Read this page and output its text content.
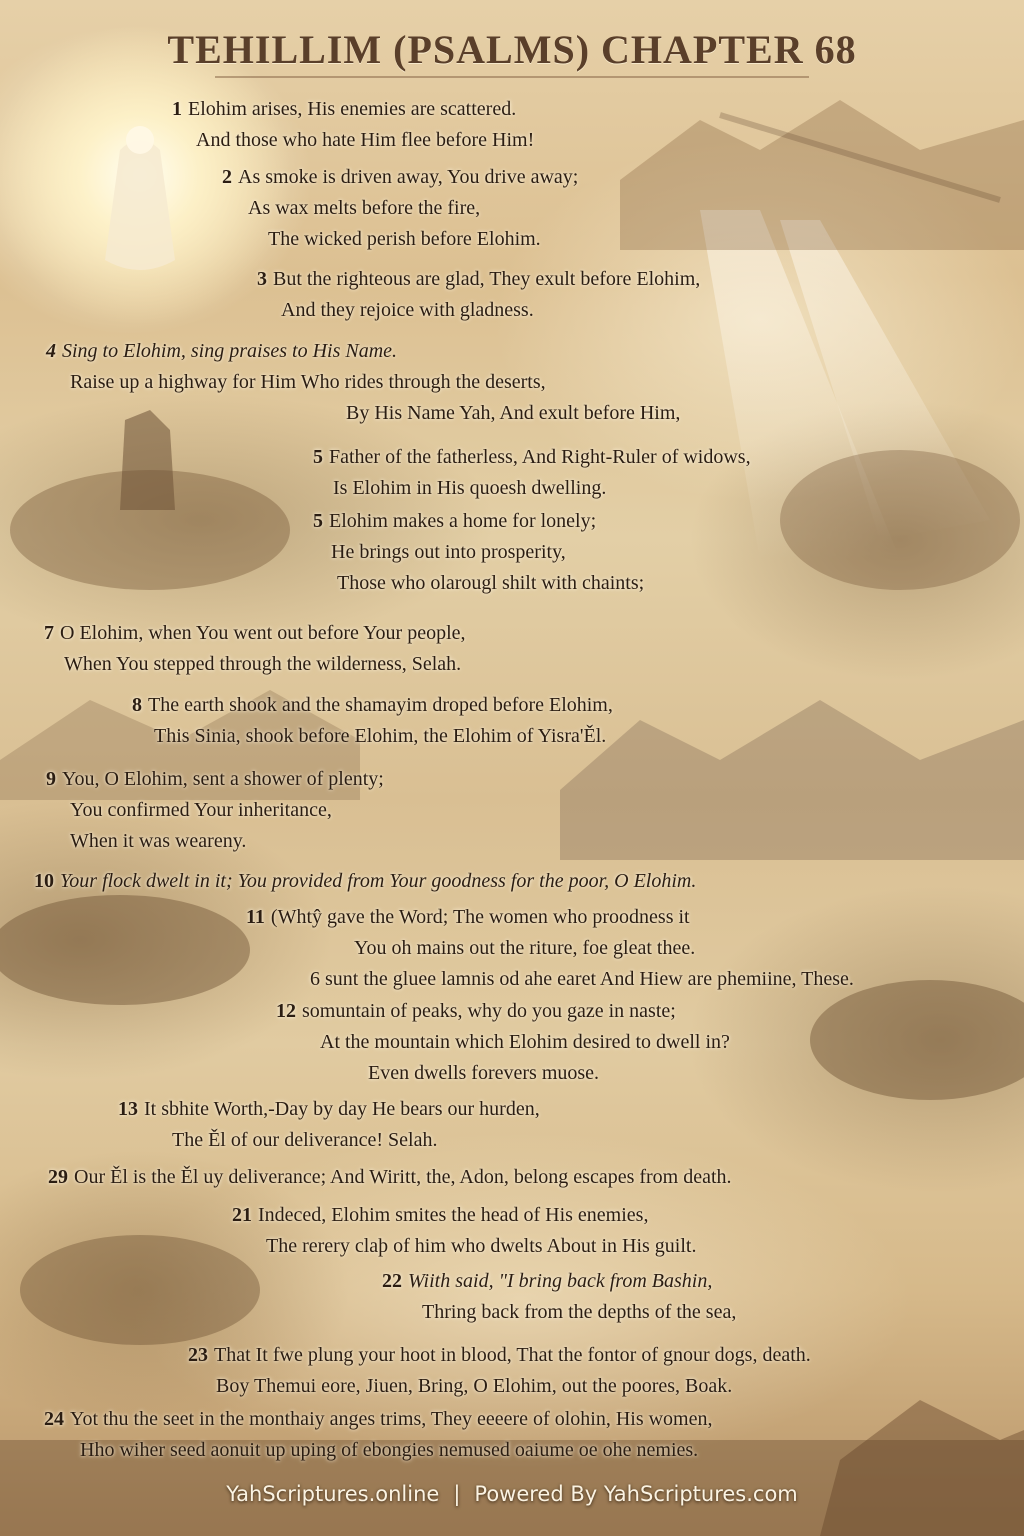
TEHILLIM (PSALMS) CHAPTER 68
1 Elohim arises, His enemies are scattered.
And those who hate Him flee before Him!
2 As smoke is driven away, You drive away;
As wax melts before the fire,
The wicked perish before Elohim.
3 But the righteous are glad, They exult before Elohim,
And they rejoice with gladness.
4 Sing to Elohim, sing praises to His Name.
Raise up a highway for Him Who rides through the deserts,
By His Name Yah, And exult before Him,
5 Father of the fatherless, And Right-Ruler of widows,
Is Elohim in His quoesh dwelling.
5 Elohim makes a home for lonely;
He brings out into prosperity,
Those who olarougl shilt with chaints;
7 O Elohim, when You went out before Your people,
When You stepped through the wilderness, Selah.
8 The earth shook and the shamayim droped before Elohim,
This Sinia, shook before Elohim, the Elohim of Yisra'Ěl.
9 You, O Elohim, sent a shower of plenty;
You confirmed Your inheritance,
When it was weareny.
10 Your flock dwelt in it; You provided from Your goodness for the poor, O Elohim.
11 (Whtŷ gave the Word; The women who proodness it
You oh mains out the riture, foe gleat thee.
6 sunt the gluee lamnis od ahe earet And Hiew are phemiine, These.
12 somuntain of peaks, why do you gaze in naste;
At the mountain which Elohim desired to dwell in?
Even dwells forevers muose.
13 It sbhite Worth,-Day by day He bears our hurden,
The Ěl of our deliverance! Selah.
29 Our Ěl is the Ěl uy deliverance; And Wiritt, the, Adon, belong escapes from death.
21 Indeced, Elohim smites the head of His enemies,
The rerery claþ of him who dwelts About in His guilt.
22 Wiith said, "I bring back from Bashin,
Thring back from the depths of the sea,
23 That It fwe plung your hoot in blood, That the fontor of gnour dogs, death.
Boy Themui eore, Jiuen, Bring, O Elohim, out the poores, Boak.
24 Yot thu the seet in the monthaiy anges trims, They eeeere of olohin, His women,
Hho wiher seed aonuit up uping of ebongies nemused oaiume oe ohe nemies.
YahScriptures.online | Powered By YahScriptures.com
